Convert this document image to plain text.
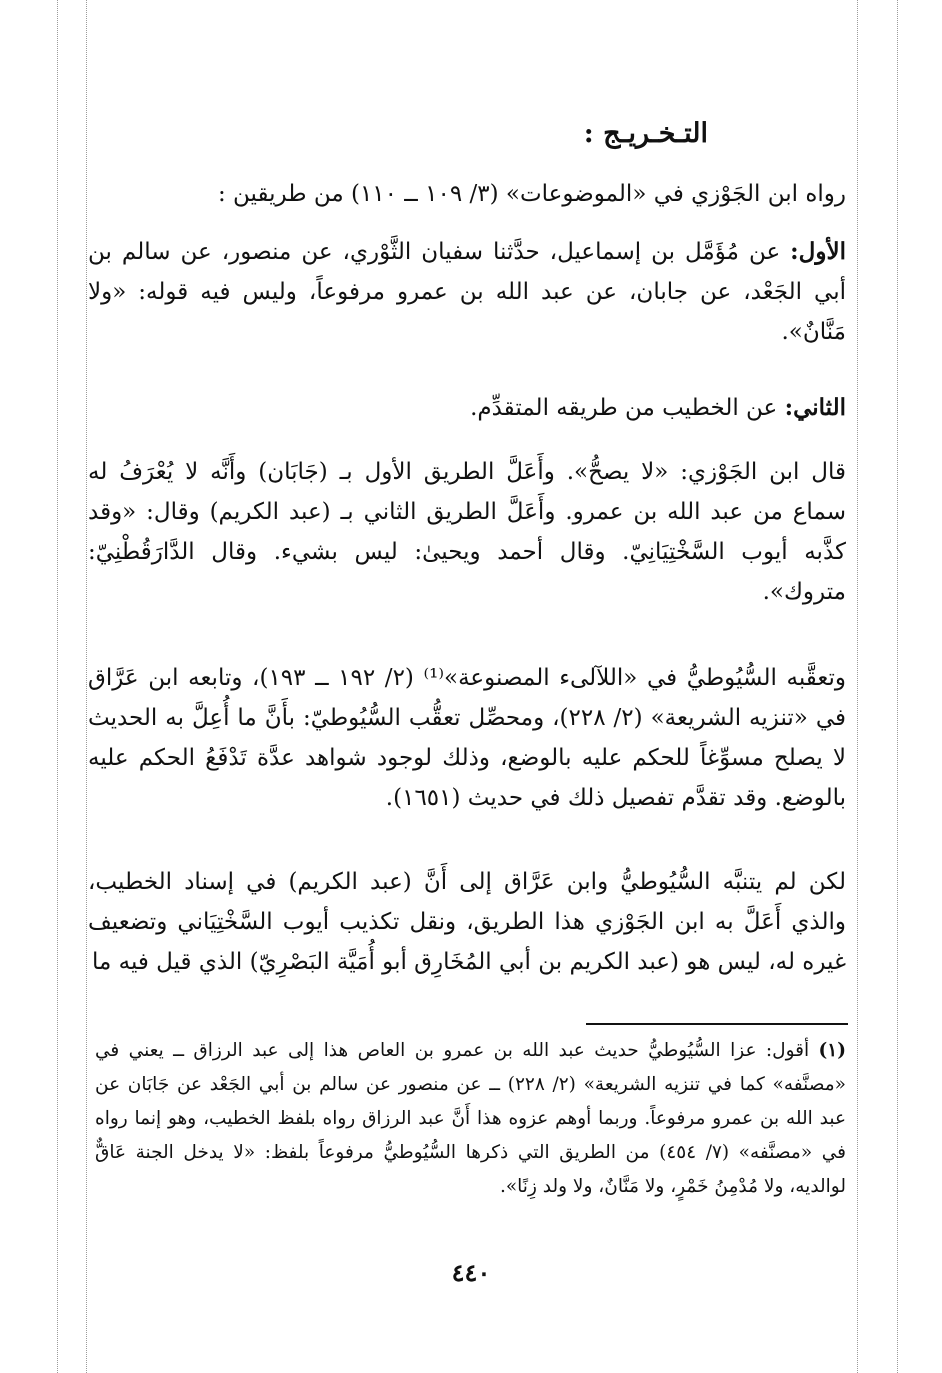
التـخـريـج :
رواه ابن الجَوْزي في «الموضوعات» (٣/ ١٠٩ ــ ١١٠) من طريقين :
الأول: عن مُؤَمَّل بن إسماعيل، حدَّثنا سفيان الثَّوْري، عن منصور، عن سالم بن أبي الجَعْد، عن جابان، عن عبد الله بن عمرو مرفوعاً، وليس فيه قوله: «ولا مَنَّانٌ».
الثاني: عن الخطيب من طريقه المتقدِّم.
قال ابن الجَوْزي: «لا يصحُّ». وأَعَلَّ الطريق الأول بـ (جَابَان) وأَنَّه لا يُعْرَفُ له سماع من عبد الله بن عمرو. وأَعَلَّ الطريق الثاني بـ (عبد الكريم) وقال: «وقد كذَّبه أيوب السَّخْتِيَانِيّ. وقال أحمد ويحيىٰ: ليس بشيء. وقال الدَّارَقُطْنِيّ: متروك».
وتعقَّبه السُّيُوطيُّ في «اللآلىء المصنوعة»⁽¹⁾ (٢/ ١٩٢ ــ ١٩٣)، وتابعه ابن عَرَّاق في «تنزيه الشريعة» (٢/ ٢٢٨)، ومحصِّل تعقُّب السُّيُوطيّ: بأَنَّ ما أُعِلَّ به الحديث لا يصلح مسوِّغاً للحكم عليه بالوضع، وذلك لوجود شواهد عدَّة تَدْفَعُ الحكم عليه بالوضع. وقد تقدَّم تفصيل ذلك في حديث (١٦٥١).
لكن لم يتنبَّه السُّيُوطيُّ وابن عَرَّاق إلى أَنَّ (عبد الكريم) في إسناد الخطيب، والذي أَعَلَّ به ابن الجَوْزي هذا الطريق، ونقل تكذيب أيوب السَّخْتِيَاني وتضعيف غيره له، ليس هو (عبد الكريم بن أبي المُخَارِق أبو أُمَيَّة البَصْرِيّ) الذي قيل فيه ما
(١) أقول: عزا السُّيُوطيُّ حديث عبد الله بن عمرو بن العاص هذا إلى عبد الرزاق ــ يعني في «مصنَّفه» كما في تنزيه الشريعة» (٢/ ٢٢٨) ــ عن منصور عن سالم بن أبي الجَعْد عن جَابَان عن عبد الله بن عمرو مرفوعاً. وربما أوهم عزوه هذا أَنَّ عبد الرزاق رواه بلفظ الخطيب، وهو إنما رواه في «مصنَّفه» (٧/ ٤٥٤) من الطريق التي ذكرها السُّيُوطيُّ مرفوعاً بلفظ: «لا يدخل الجنة عَاقٌّ لوالديه، ولا مُدْمِنُ خَمْرٍ، ولا مَنَّانٌ، ولا ولد زِنًا».
٤٤٠
